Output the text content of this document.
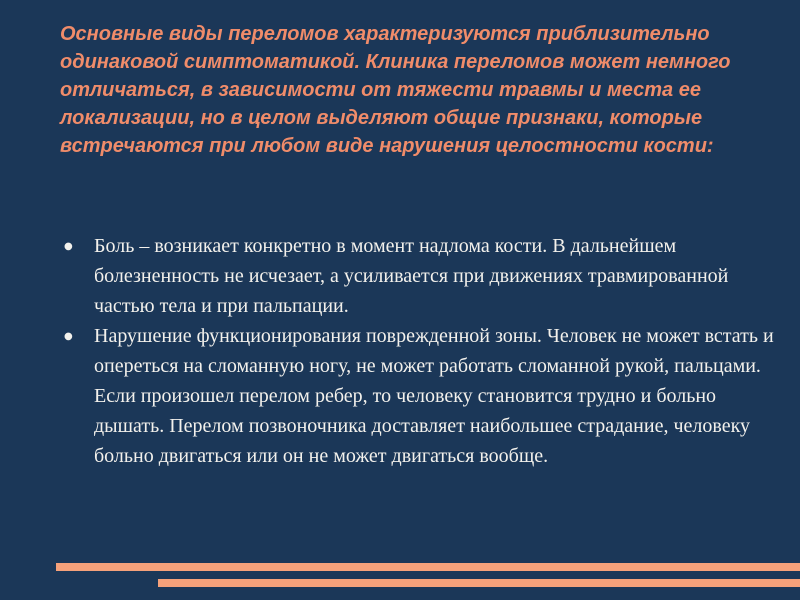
Основные виды переломов характеризуются приблизительно одинаковой симптоматикой. Клиника переломов может немного отличаться, в зависимости от тяжести травмы и места ее локализации, но в целом выделяют общие признаки, которые встречаются при любом виде нарушения целостности кости:

● Боль – возникает конкретно в момент надлома кости. В дальнейшем болезненность не исчезает, а усиливается при движениях травмированной частью тела и при пальпации.
● Нарушение функционирования поврежденной зоны. Человек не может встать и опереться на сломанную ногу, не может работать сломанной рукой, пальцами. Если произошел перелом ребер, то человеку становится трудно и больно дышать. Перелом позвоночника доставляет наибольшее страдание, человеку больно двигаться или он не может двигаться вообще.
